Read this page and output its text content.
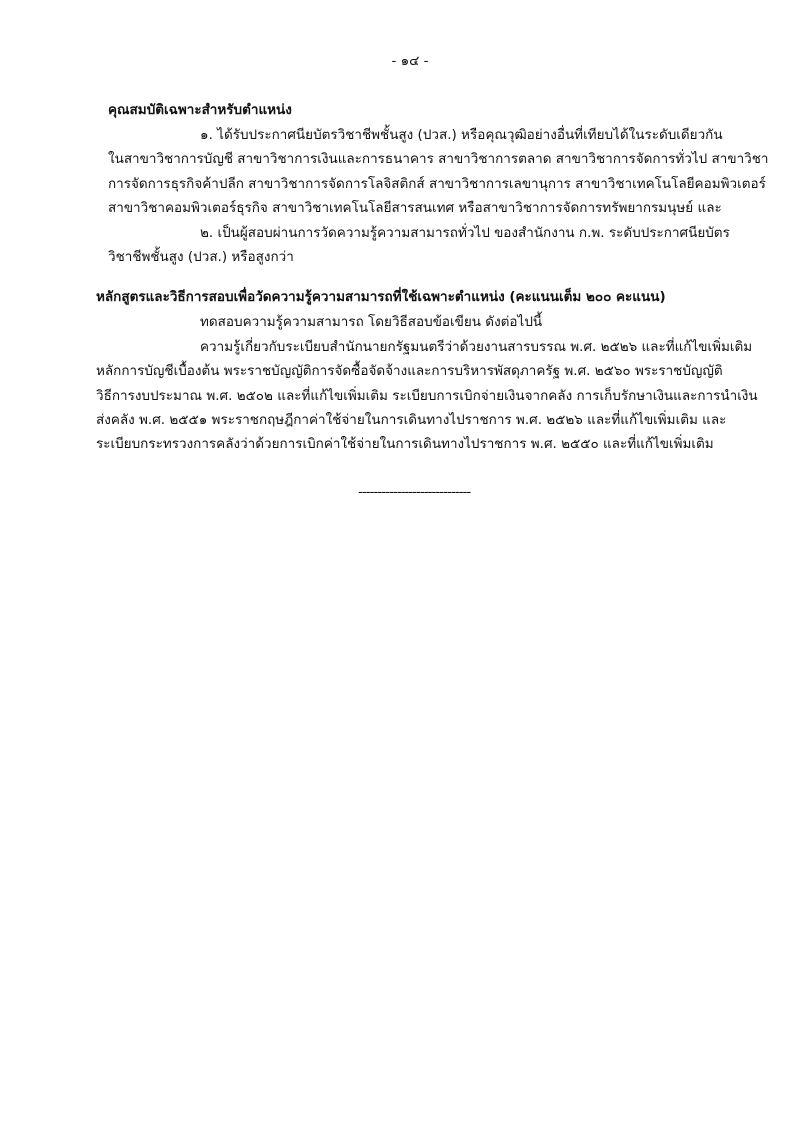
- ๑๔ -
คุณสมบัติเฉพาะสำหรับตำแหน่ง
๑. ได้รับประกาศนียบัตรวิชาชีพชั้นสูง (ปวส.) หรือคุณวุฒิอย่างอื่นที่เทียบได้ในระดับเดียวกัน
ในสาขาวิชาการบัญชี สาขาวิชาการเงินและการธนาคาร สาขาวิชาการตลาด สาขาวิชาการจัดการทั่วไป สาขาวิชา
การจัดการธุรกิจค้าปลีก สาขาวิชาการจัดการโลจิสติกส์ สาขาวิชาการเลขานุการ สาขาวิชาเทคโนโลยีคอมพิวเตอร์
สาขาวิชาคอมพิวเตอร์ธุรกิจ สาขาวิชาเทคโนโลยีสารสนเทศ หรือสาขาวิชาการจัดการทรัพยากรมนุษย์ และ
๒. เป็นผู้สอบผ่านการวัดความรู้ความสามารถทั่วไป ของสำนักงาน ก.พ. ระดับประกาศนียบัตร
วิชาชีพชั้นสูง (ปวส.) หรือสูงกว่า
หลักสูตรและวิธีการสอบเพื่อวัดความรู้ความสามารถที่ใช้เฉพาะตำแหน่ง (คะแนนเต็ม ๒๐๐ คะแนน)
ทดสอบความรู้ความสามารถ โดยวิธีสอบข้อเขียน ดังต่อไปนี้
ความรู้เกี่ยวกับระเบียบสำนักนายกรัฐมนตรีว่าด้วยงานสารบรรณ พ.ศ. ๒๕๒๖ และที่แก้ไขเพิ่มเติม
หลักการบัญชีเบื้องต้น พระราชบัญญัติการจัดซื้อจัดจ้างและการบริหารพัสดุภาครัฐ พ.ศ. ๒๕๖๐ พระราชบัญญัติ
วิธีการงบประมาณ พ.ศ. ๒๕๐๒ และที่แก้ไขเพิ่มเติม ระเบียบการเบิกจ่ายเงินจากคลัง การเก็บรักษาเงินและการนำเงิน
ส่งคลัง พ.ศ. ๒๕๕๑ พระราชกฤษฎีกาค่าใช้จ่ายในการเดินทางไปราชการ พ.ศ. ๒๕๒๖ และที่แก้ไขเพิ่มเติม และ
ระเบียบกระทรวงการคลังว่าด้วยการเบิกค่าใช้จ่ายในการเดินทางไปราชการ พ.ศ. ๒๕๕๐ และที่แก้ไขเพิ่มเติม
-----------------------------
